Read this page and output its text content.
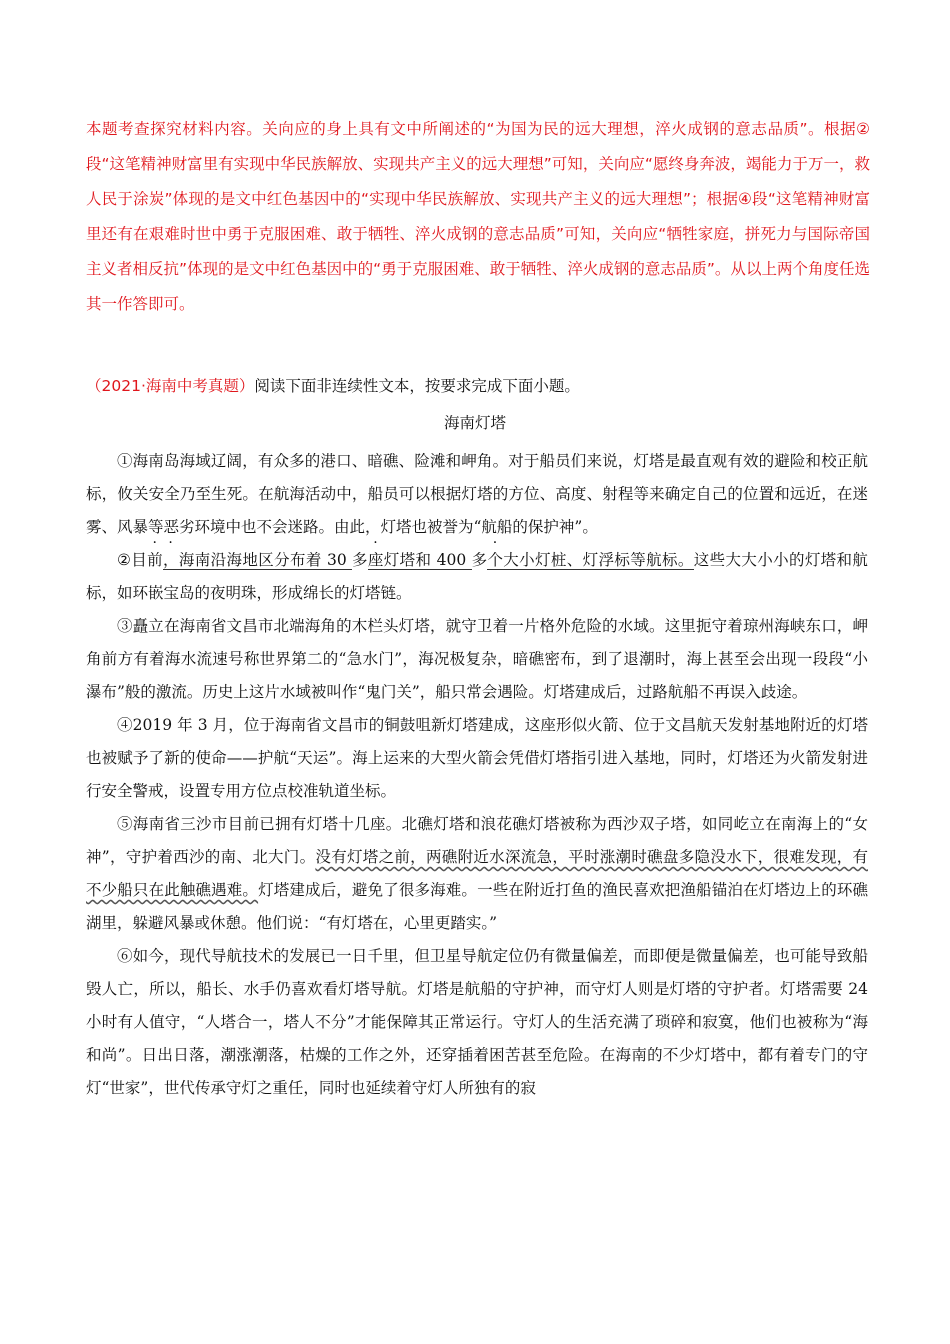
本题考查探究材料内容。关向应的身上具有文中所阐述的“为国为民的远大理想，淬火成钢的意志品质”。根据②段“这笔精神财富里有实现中华民族解放、实现共产主义的远大理想”可知，关向应“愿终身奔波，竭能力于万一，救人民于涂炭”体现的是文中红色基因中的“实现中华民族解放、实现共产主义的远大理想”；根据④段“这笔精神财富里还有在艰难时世中勇于克服困难、敢于牺牲、淬火成钢的意志品质”可知，关向应“牺牲家庭，拼死力与国际帝国主义者相反抗”体现的是文中红色基因中的“勇于克服困难、敢于牺牲、淬火成钢的意志品质”。从以上两个角度任选其一作答即可。

（2021·海南中考真题）阅读下面非连续性文本，按要求完成下面小题。
海南灯塔

①海南岛海域辽阔，有众多的港口、暗礁、险滩和岬角。对于船员们来说，灯塔是最直观有效的避险和校正航标，攸关安全乃至生死。在航海活动中，船员可以根据灯塔的方位、高度、射程等来确定自己的位置和远近，在迷雾、风暴等恶劣环境中也不会迷路。由此，灯塔也被誉为“航船的保护神”。

②目前，海南沿海地区分布着 30 多座灯塔和 400 多个大小灯桩、灯浮标等航标。这些大大小小的灯塔和航标，如环嵌宝岛的夜明珠，形成绵长的灯塔链。

③矗立在海南省文昌市北端海角的木栏头灯塔，就守卫着一片格外危险的水域。这里扼守着琼州海峡东口，岬角前方有着海水流速号称世界第二的“急水门”，海况极复杂，暗礁密布，到了退潮时，海上甚至会出现一段段“小瀑布”般的激流。历史上这片水域被叫作“鬼门关”，船只常会遇险。灯塔建成后，过路航船不再误入歧途。

④2019 年 3 月，位于海南省文昌市的铜鼓咀新灯塔建成，这座形似火箭、位于文昌航天发射基地附近的灯塔也被赋予了新的使命——护航“天运”。海上运来的大型火箭会凭借灯塔指引进入基地，同时，灯塔还为火箭发射进行安全警戒，设置专用方位点校准轨道坐标。

⑤海南省三沙市目前已拥有灯塔十几座。北礁灯塔和浪花礁灯塔被称为西沙双子塔，如同屹立在南海上的“女神”，守护着西沙的南、北大门。没有灯塔之前，两礁附近水深流急，平时涨潮时礁盘多隐没水下，很难发现，有不少船只在此触礁遇难。灯塔建成后，避免了很多海难。一些在附近打鱼的渔民喜欢把渔船锚泊在灯塔边上的环礁湖里，躲避风暴或休憩。他们说：“有灯塔在，心里更踏实。”

⑥如今，现代导航技术的发展已一日千里，但卫星导航定位仍有微量偏差，而即便是微量偏差，也可能导致船毁人亡，所以，船长、水手仍喜欢看灯塔导航。灯塔是航船的守护神，而守灯人则是灯塔的守护者。灯塔需要 24 小时有人值守，“人塔合一，塔人不分”才能保障其正常运行。守灯人的生活充满了琐碎和寂寞，他们也被称为“海和尚”。日出日落，潮涨潮落，枯燥的工作之外，还穿插着困苦甚至危险。在海南的不少灯塔中，都有着专门的守灯“世家”，世代传承守灯之重任，同时也延续着守灯人所独有的寂
